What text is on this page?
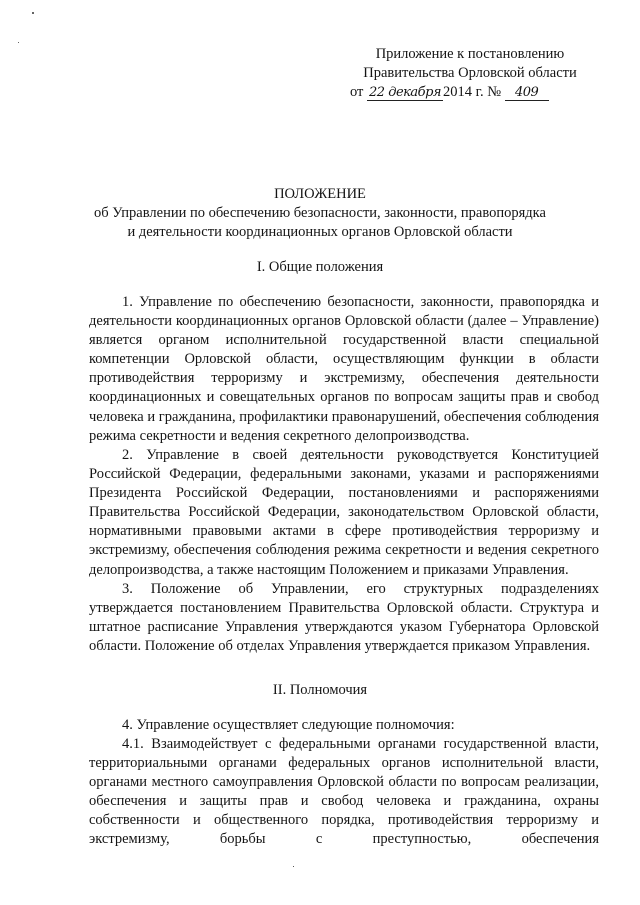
Приложение к постановлению
Правительства Орловской области
от 22 декабря 2014 г. № 409
ПОЛОЖЕНИЕ
об Управлении по обеспечению безопасности, законности, правопорядка
и деятельности координационных органов Орловской области
I. Общие положения

1. Управление по обеспечению безопасности, законности, правопорядка и деятельности координационных органов Орловской области (далее – Управление) является органом исполнительной государственной власти специальной компетенции Орловской области, осуществляющим функции в области противодействия терроризму и экстремизму, обеспечения деятельности координационных и совещательных органов по вопросам защиты прав и свобод человека и гражданина, профилактики правонарушений, обеспечения соблюдения режима секретности и ведения секретного делопроизводства.

2. Управление в своей деятельности руководствуется Конституцией Российской Федерации, федеральными законами, указами и распоряжениями Президента Российской Федерации, постановлениями и распоряжениями Правительства Российской Федерации, законодательством Орловской области, нормативными правовыми актами в сфере противодействия терроризму и экстремизму, обеспечения соблюдения режима секретности и ведения секретного делопроизводства, а также настоящим Положением и приказами Управления.

3. Положение об Управлении, его структурных подразделениях утверждается постановлением Правительства Орловской области. Структура и штатное расписание Управления утверждаются указом Губернатора Орловской области. Положение об отделах Управления утверждается приказом Управления.

II. Полномочия

4. Управление осуществляет следующие полномочия:

4.1. Взаимодействует с федеральными органами государственной власти, территориальными органами федеральных органов исполнительной власти, органами местного самоуправления Орловской области по вопросам реализации, обеспечения и защиты прав и свобод человека и гражданина, охраны собственности и общественного порядка, противодействия терроризму и экстремизму, борьбы с преступностью, обеспечения
